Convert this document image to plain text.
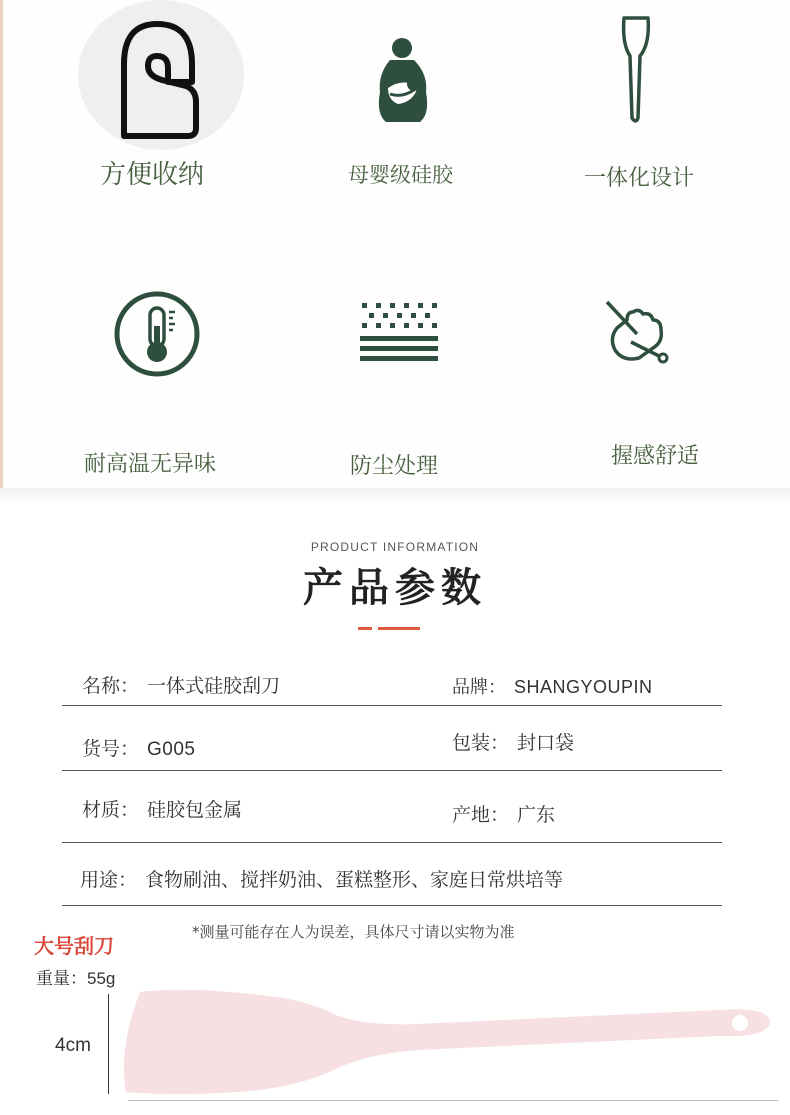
方便收纳	母婴级硅胶	一体化设计
耐高温无异味	防尘处理	握感舒适
PRODUCT INFORMATION
产品参数
名称： 一体式硅胶刮刀	品牌： SHANGYOUPIN
货号： G005	包装： 封口袋
材质： 硅胶包金属	产地： 广东
用途： 食物刷油、搅拌奶油、蛋糕整形、家庭日常烘培等
*测量可能存在人为误差，具体尺寸请以实物为准
大号刮刀
重量：55g
4cm
